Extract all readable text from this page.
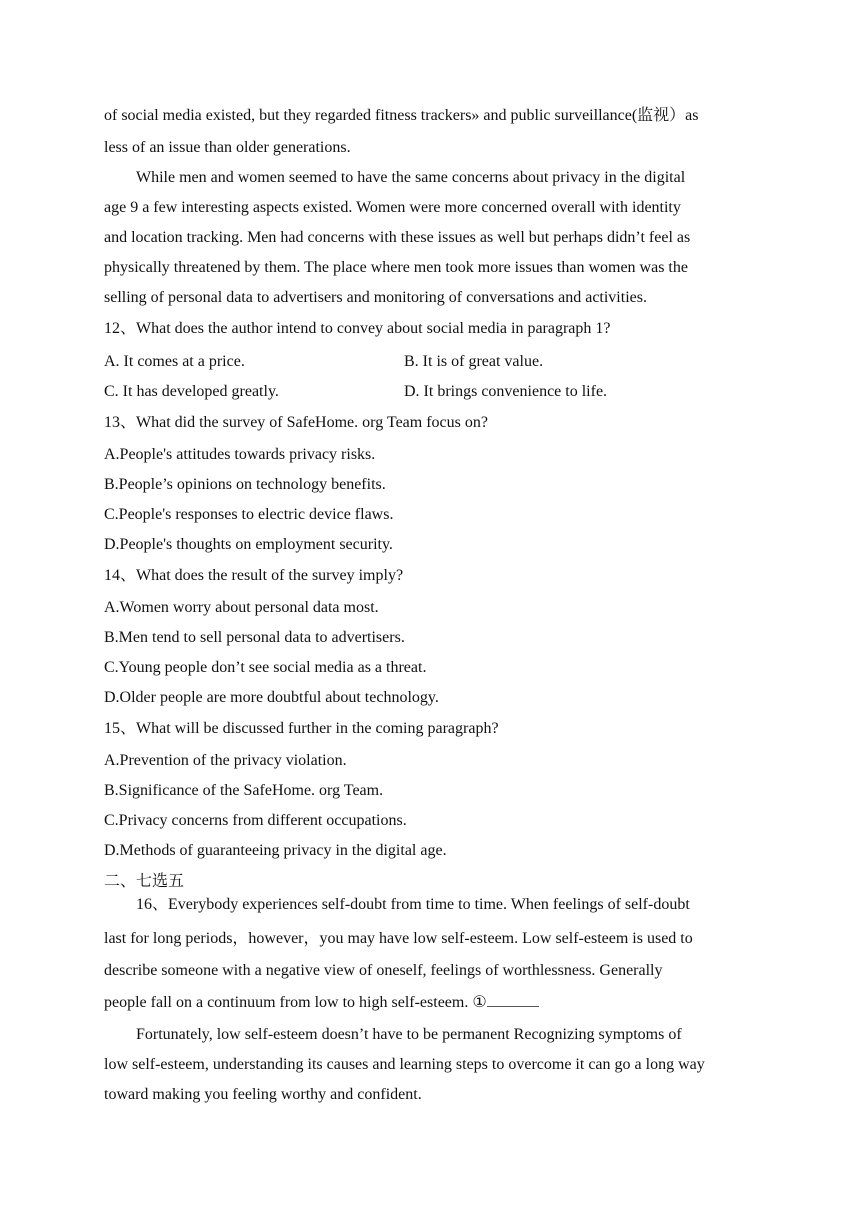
of social media existed, but they regarded fitness trackers» and public surveillance(监视）as
less of an issue than older generations.
While men and women seemed to have the same concerns about privacy in the digital
age 9 a few interesting aspects existed. Women were more concerned overall with identity
and location tracking. Men had concerns with these issues as well but perhaps didn’t feel as
physically threatened by them. The place where men took more issues than women was the
selling of personal data to advertisers and monitoring of conversations and activities.
12、What does the author intend to convey about social media in paragraph 1?
A. It comes at a price.	B. It is of great value.
C. It has developed greatly.	D. It brings convenience to life.
13、What did the survey of SafeHome. org Team focus on?
A.People's attitudes towards privacy risks.
B.People’s opinions on technology benefits.
C.People's responses to electric device flaws.
D.People's thoughts on employment security.
14、What does the result of the survey imply?
A.Women worry about personal data most.
B.Men tend to sell personal data to advertisers.
C.Young people don’t see social media as a threat.
D.Older people are more doubtful about technology.
15、What will be discussed further in the coming paragraph?
A.Prevention of the privacy violation.
B.Significance of the SafeHome. org Team.
C.Privacy concerns from different occupations.
D.Methods of guaranteeing privacy in the digital age.
二、七选五
16、Everybody experiences self-doubt from time to time. When feelings of self-doubt
last for long periods，however，you may have low self-esteem. Low self-esteem is used to
describe someone with a negative view of oneself, feelings of worthlessness. Generally
people fall on a continuum from low to high self-esteem. ①
Fortunately, low self-esteem doesn’t have to be permanent Recognizing symptoms of
low self-esteem, understanding its causes and learning steps to overcome it can go a long way
toward making you feeling worthy and confident.
